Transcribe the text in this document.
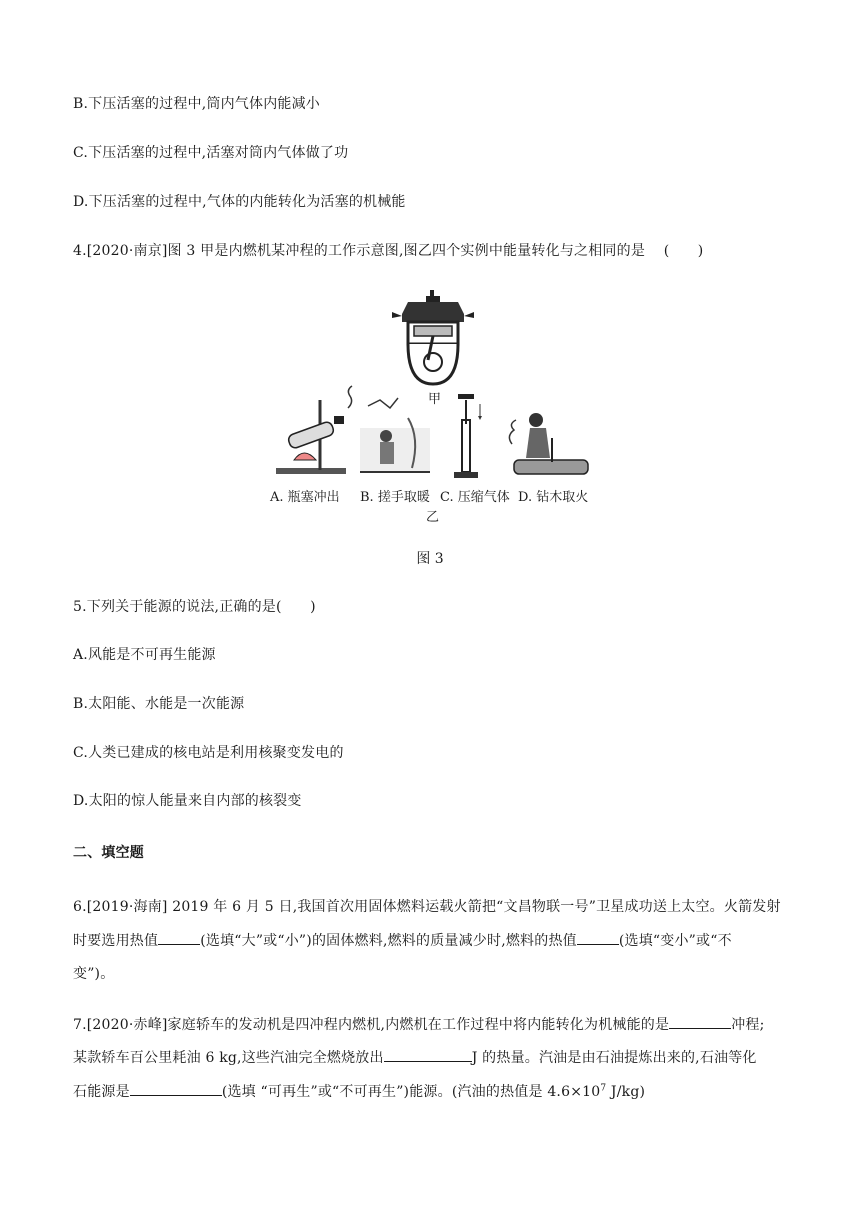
B.下压活塞的过程中,筒内气体内能减小
C.下压活塞的过程中,活塞对筒内气体做了功
D.下压活塞的过程中,气体的内能转化为活塞的机械能
4.[2020·南京]图 3 甲是内燃机某冲程的工作示意图,图乙四个实例中能量转化与之相同的是 (　　)
甲
A. 瓶塞冲出 B. 搓手取暖 C. 压缩气体 D. 钻木取火
乙
图 3
5.下列关于能源的说法,正确的是(　　)
A.风能是不可再生能源
B.太阳能、水能是一次能源
C.人类已建成的核电站是利用核聚变发电的
D.太阳的惊人能量来自内部的核裂变
二、填空题
6.[2019·海南] 2019 年 6 月 5 日,我国首次用固体燃料运载火箭把“文昌物联一号”卫星成功送上太空。火箭发射
时要选用热值	(选填“大”或“小”)的固体燃料,燃料的质量减少时,燃料的热值	(选填“变小”或“不
变”)。
7.[2020·赤峰]家庭轿车的发动机是四冲程内燃机,内燃机在工作过程中将内能转化为机械能的是	冲程;
某款轿车百公里耗油 6 kg,这些汽油完全燃烧放出	J 的热量。汽油是由石油提炼出来的,石油等化
石能源是	(选填 “可再生”或“不可再生”)能源。(汽油的热值是 $4.6\times 10^7$ J/kg)
